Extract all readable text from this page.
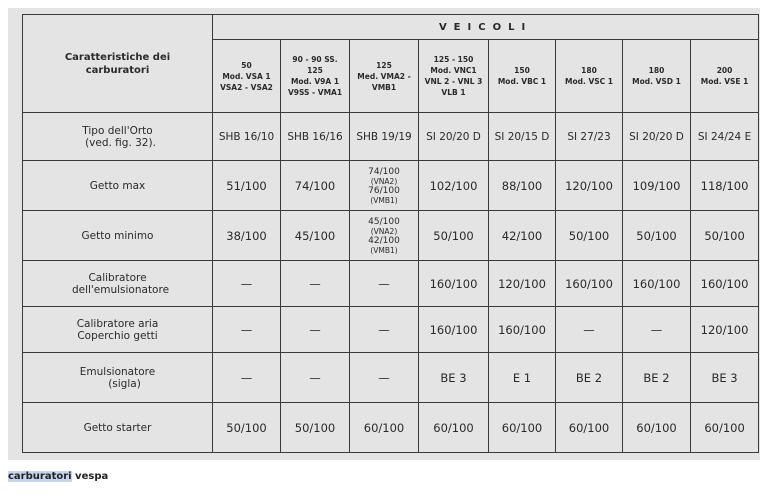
Caratteristiche dei
carburatori	VEICOLI							

	50
Mod. VSA 1
VSA2 - VSA2	90 - 90 SS.
125
Mod. V9A 1
V9SS - VMA1	125
Med. VMA2 -
VMB1	125 - 150
Mod. VNC1
VNL 2 - VNL 3
VLB 1	150
Mod. VBC 1	180
Mod. VSC 1	180
Mod. VSD 1	200
Mod. VSE 1

Tipo dell'Orto
(ved. fig. 32).	SHB 16/10	SHB 16/16	SHB 19/19	SI 20/20 D	SI 20/15 D	SI 27/23	SI 20/20 D	SI 24/24 E

Getto max	51/100	74/100	74/100
(VNA2)
76/100
(VMB1)	102/100	88/100	120/100	109/100	118/100

Getto minimo	38/100	45/100	45/100
(VNA2)
42/100
(VMB1)	50/100	42/100	50/100	50/100	50/100

Calibratore
dell'emulsionatore	—	—	—	160/100	120/100	160/100	160/100	160/100

Calibratore aria
Coperchio getti	—	—	—	160/100	160/100	—	—	120/100

Emulsionatore
(sigla)	—	—	—	BE 3	E 1	BE 2	BE 2	BE 3

Getto starter	50/100	50/100	60/100	60/100	60/100	60/100	60/100	60/100
carburatori vespa
